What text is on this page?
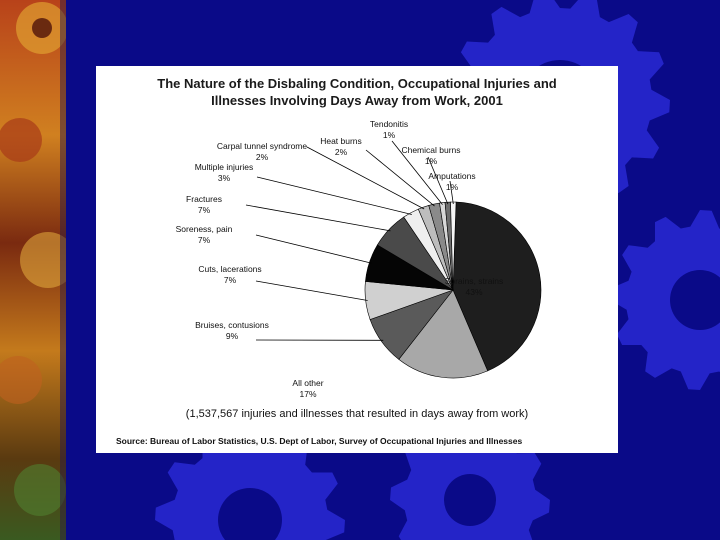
The Nature of the Disbaling Condition, Occupational Injuries and
Illnesses Involving Days Away from Work, 2001
Sprains, strains
43%
All other
17%
Bruises, contusions
9%
Cuts, lacerations
7%
Soreness, pain
7%
Fractures
7%
Multiple injuries
3%
Carpal tunnel syndrome
2%
Heat burns
2%
Tendonitis
1%
Chemical burns
1%
Amputations
1%
(1,537,567 injuries and illnesses that resulted in days away from work)
Source: Bureau of Labor Statistics, U.S. Dept of Labor, Survey of Occupational Injuries and Illnesses
